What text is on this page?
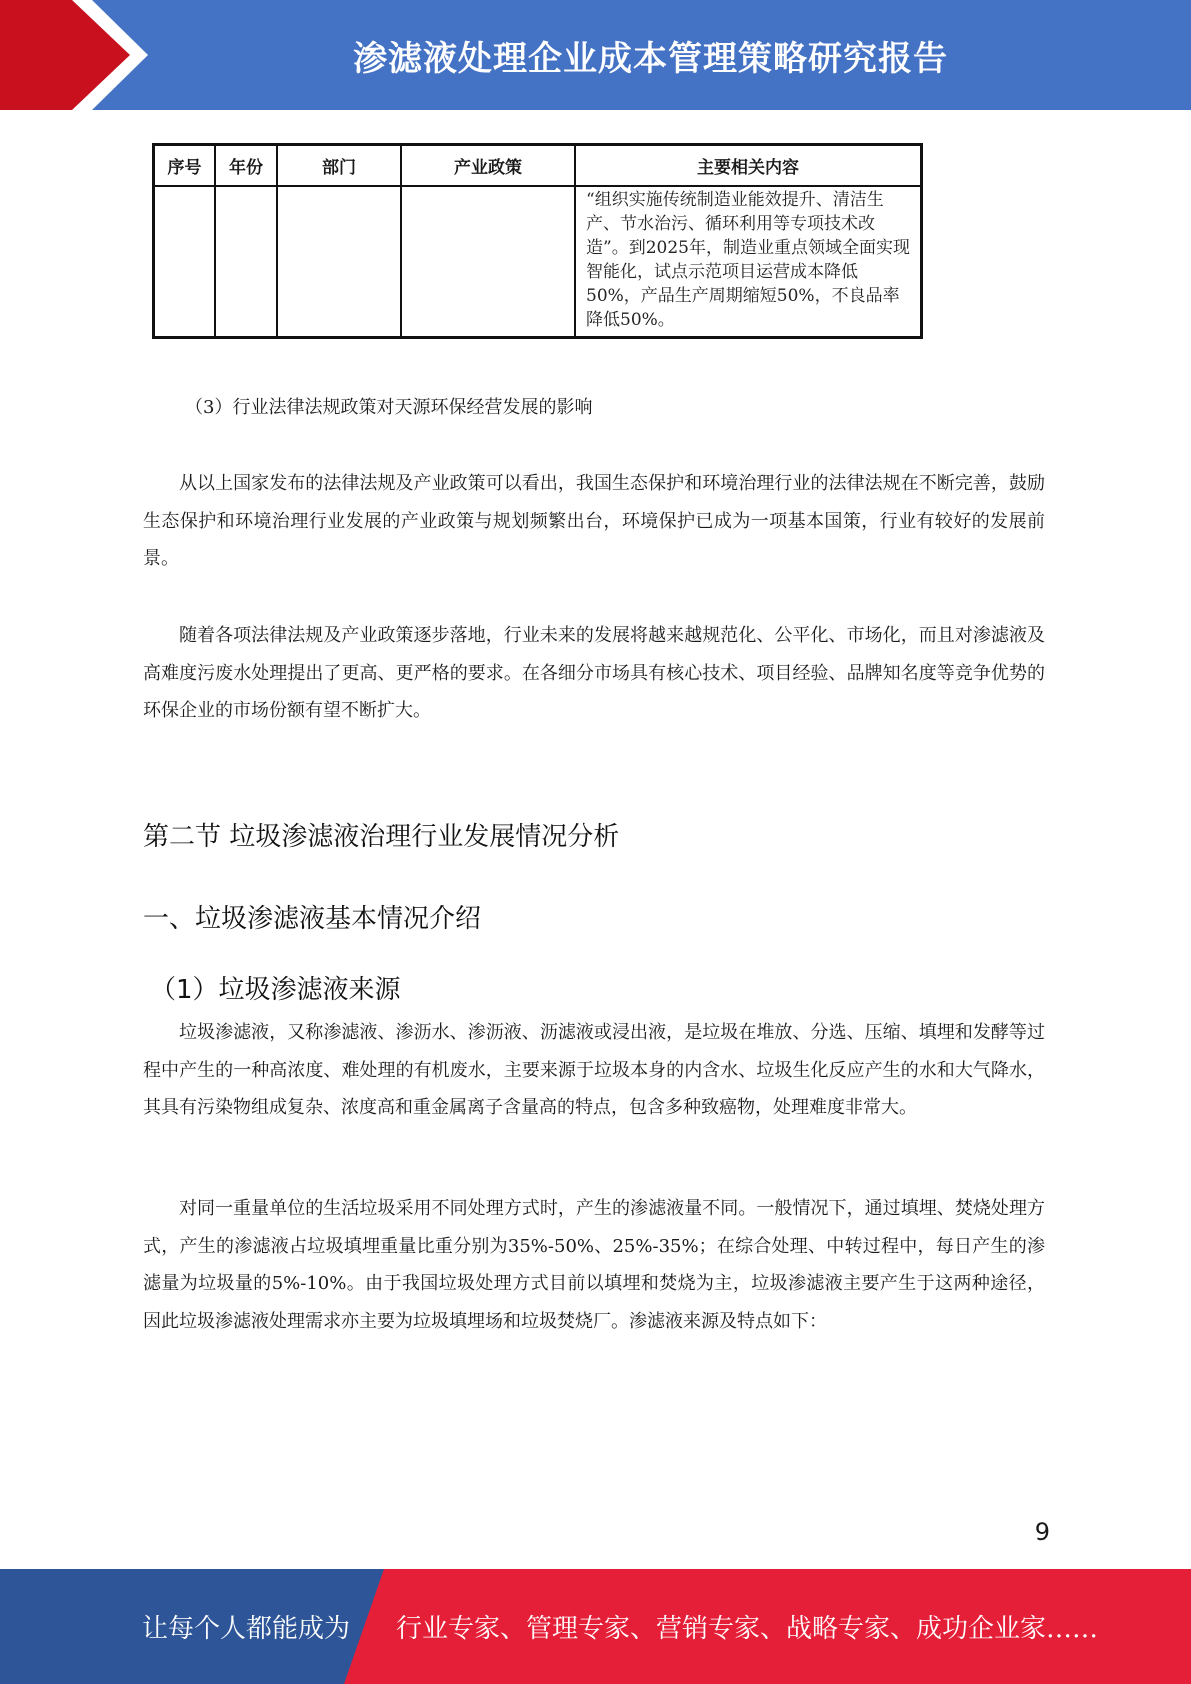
渗滤液处理企业成本管理策略研究报告
序号	年份	部门	产业政策	主要相关内容
				“组织实施传统制造业能效提升、清洁生产、节水治污、循环利用等专项技术改造”。到2025年，制造业重点领域全面实现智能化，试点示范项目运营成本降低50%，产品生产周期缩短50%，不良品率降低50%。

（3）行业法律法规政策对天源环保经营发展的影响

从以上国家发布的法律法规及产业政策可以看出，我国生态保护和环境治理行业的法律法规在不断完善，鼓励生态保护和环境治理行业发展的产业政策与规划频繁出台，环境保护已成为一项基本国策，行业有较好的发展前景。

随着各项法律法规及产业政策逐步落地，行业未来的发展将越来越规范化、公平化、市场化，而且对渗滤液及高难度污废水处理提出了更高、更严格的要求。在各细分市场具有核心技术、项目经验、品牌知名度等竞争优势的环保企业的市场份额有望不断扩大。

第二节 垃圾渗滤液治理行业发展情况分析
一、垃圾渗滤液基本情况介绍
（1）垃圾渗滤液来源

垃圾渗滤液，又称渗滤液、渗沥水、渗沥液、沥滤液或浸出液，是垃圾在堆放、分选、压缩、填埋和发酵等过程中产生的一种高浓度、难处理的有机废水，主要来源于垃圾本身的内含水、垃圾生化反应产生的水和大气降水，其具有污染物组成复杂、浓度高和重金属离子含量高的特点，包含多种致癌物，处理难度非常大。

对同一重量单位的生活垃圾采用不同处理方式时，产生的渗滤液量不同。一般情况下，通过填埋、焚烧处理方式，产生的渗滤液占垃圾填埋重量比重分别为35%-50%、25%-35%；在综合处理、中转过程中，每日产生的渗滤量为垃圾量的5%-10%。由于我国垃圾处理方式目前以填埋和焚烧为主，垃圾渗滤液主要产生于这两种途径，因此垃圾渗滤液处理需求亦主要为垃圾填埋场和垃圾焚烧厂。渗滤液来源及特点如下：

9
让每个人都能成为 行业专家、管理专家、营销专家、战略专家、成功企业家……
